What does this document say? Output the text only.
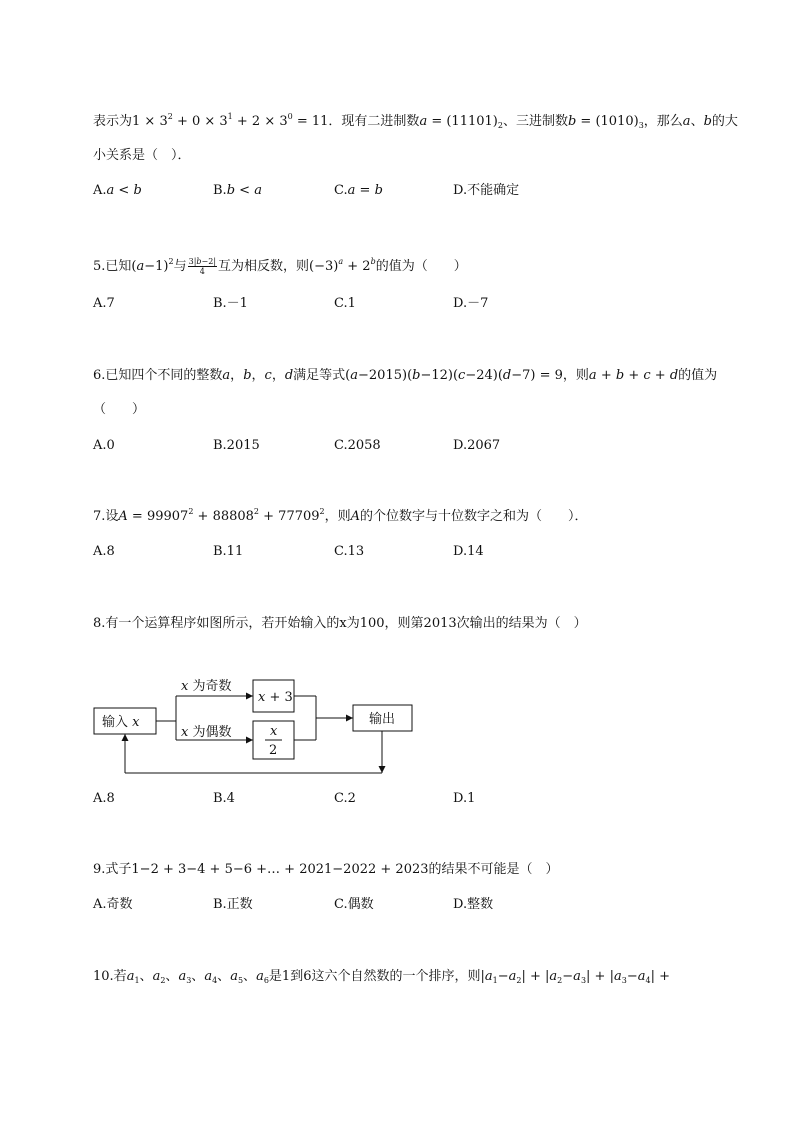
表示为$1 \times 3^2 + 0 \times 3^1 + 2 \times 3^0 = 11$．现有二进制数$a = (11101)_2$、三进制数$b = (1010)_3$，那么a、b的大
小关系是（　）．
A.a < b	B.b < a	C.a = b	D.不能确定
5.已知$(a-1)^2$与 $\frac{3|b-2|}{4}$ 互为相反数，则$(-3)^a + 2^b$的值为（　　）
A.7	B.－1	C.1	D.－7
6.已知四个不同的整数a，b，c，d满足等式(a−2015)(b−12)(c−24)(d−7) = 9，则a + b + c + d的值为
（　　）
A.0	B.2015	C.2058	D.2067
7.设$A = 99907^2 + 88808^2 + 77709^2$，则A的个位数字与十位数字之和为（　　）．
A.8	B.11	C.13	D.14
8.有一个运算程序如图所示，若开始输入的x为100，则第2013次输出的结果为（　）
输入 x
x 为奇数
x 为偶数
x + 3
x
2
输出
A.8	B.4	C.2	D.1
9.式子1−2 + 3−4 + 5−6 +… + 2021−2022 + 2023的结果不可能是（　）
A.奇数	B.正数	C.偶数	D.整数
10.若$a_1$、$a_2$、$a_3$、$a_4$、$a_5$、$a_6$是1到6这六个自然数的一个排序，则$|a_1-a_2| + |a_2-a_3| + |a_3-a_4|$ +
